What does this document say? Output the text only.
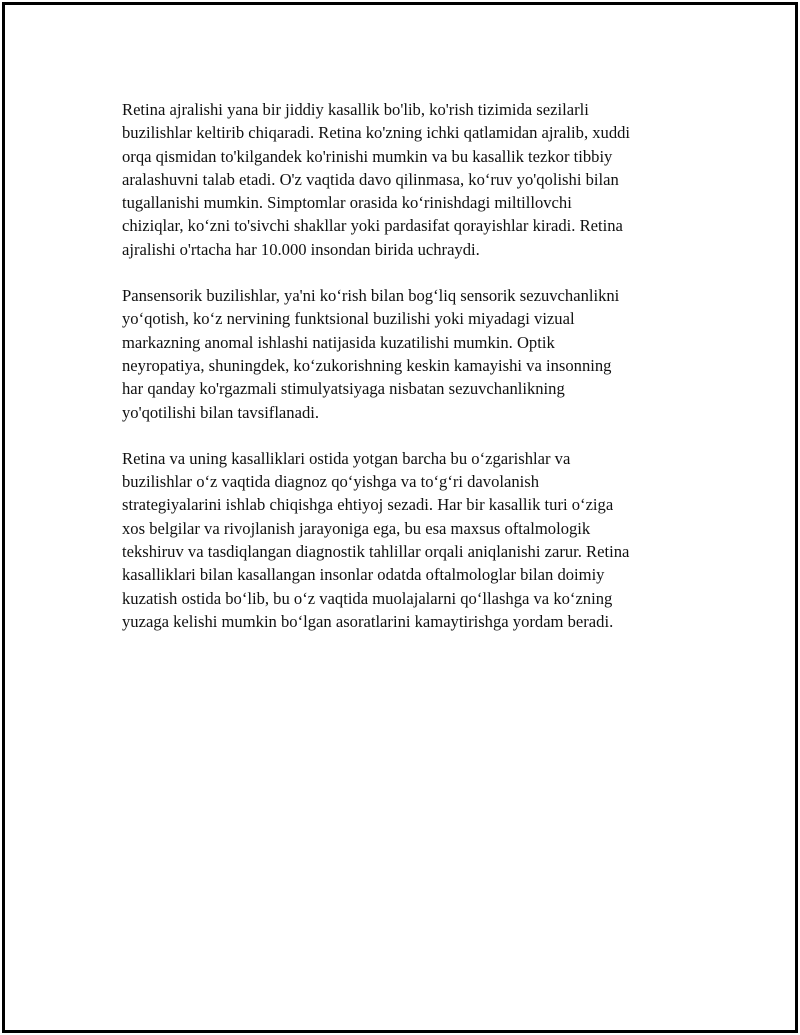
Retina ajralishi yana bir jiddiy kasallik bo'lib, ko'rish tizimida sezilarli
buzilishlar keltirib chiqaradi. Retina ko'zning ichki qatlamidan ajralib, xuddi
orqa qismidan to'kilgandek ko'rinishi mumkin va bu kasallik tezkor tibbiy
aralashuvni talab etadi. O'z vaqtida davo qilinmasa, ko‘ruv yo'qolishi bilan
tugallanishi mumkin. Simptomlar orasida ko‘rinishdagi miltillovchi
chiziqlar, ko‘zni to'sivchi shakllar yoki pardasifat qorayishlar kiradi. Retina
ajralishi o'rtacha har 10.000 insondan birida uchraydi.

Pansensorik buzilishlar, ya'ni ko‘rish bilan bog‘liq sensorik sezuvchanlikni
yo‘qotish, ko‘z nervining funktsional buzilishi yoki miyadagi vizual
markazning anomal ishlashi natijasida kuzatilishi mumkin. Optik
neyropatiya, shuningdek, ko‘zukorishning keskin kamayishi va insonning
har qanday ko'rgazmali stimulyatsiyaga nisbatan sezuvchanlikning
yo'qotilishi bilan tavsiflanadi.

Retina va uning kasalliklari ostida yotgan barcha bu o‘zgarishlar va
buzilishlar o‘z vaqtida diagnoz qo‘yishga va to‘g‘ri davolanish
strategiyalarini ishlab chiqishga ehtiyoj sezadi. Har bir kasallik turi o‘ziga
xos belgilar va rivojlanish jarayoniga ega, bu esa maxsus oftalmologik
tekshiruv va tasdiqlangan diagnostik tahlillar orqali aniqlanishi zarur. Retina
kasalliklari bilan kasallangan insonlar odatda oftalmologlar bilan doimiy
kuzatish ostida bo‘lib, bu o‘z vaqtida muolajalarni qo‘llashga va ko‘zning
yuzaga kelishi mumkin bo‘lgan asoratlarini kamaytirishga yordam beradi.
